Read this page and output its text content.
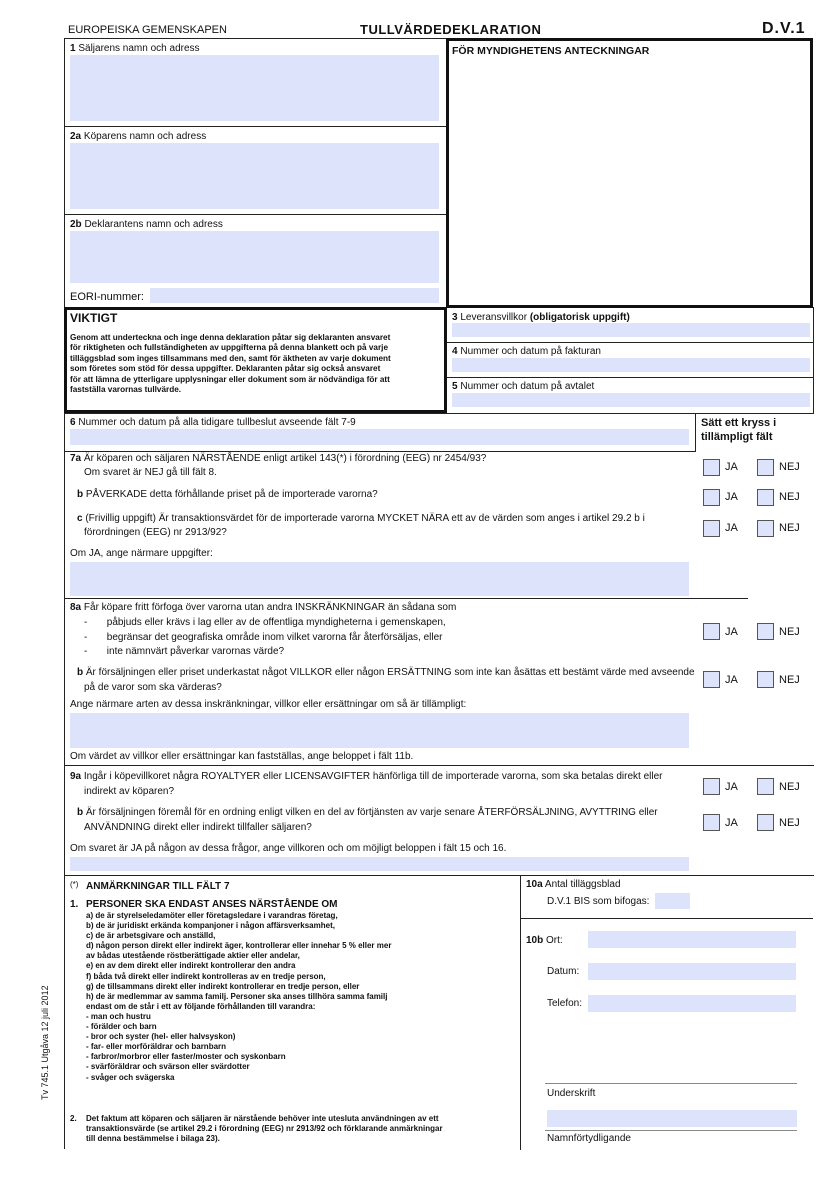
EUROPEISKA GEMENSKAPEN	TULLVÄRDEDEKLARATION	D.V.1
1 Säljarens namn och adress
2a Köparens namn och adress
2b Deklarantens namn och adress
EORI-nummer:
FÖR MYNDIGHETENS ANTECKNINGAR
VIKTIGT
Genom att underteckna och inge denna deklaration påtar sig deklaranten ansvaret
för riktigheten och fullständigheten av uppgifterna på denna blankett och på varje
tilläggsblad som inges tillsammans med den, samt för äktheten av varje dokument
som företes som stöd för dessa uppgifter. Deklaranten påtar sig också ansvaret
för att lämna de ytterligare upplysningar eller dokument som är nödvändiga för att
fastställa varornas tullvärde.
3 Leveransvillkor (obligatorisk uppgift)
4 Nummer och datum på fakturan
5 Nummer och datum på avtalet
6 Nummer och datum på alla tidigare tullbeslut avseende fält 7-9	Sätt ett kryss i
tillämpligt fält
7a Är köparen och säljaren NÄRSTÅENDE enligt artikel 143(*) i förordning (EEG) nr 2454/93?
Om svaret är NEJ gå till fält 8.	JA	NEJ
b PÅVERKADE detta förhållande priset på de importerade varorna?	JA	NEJ
c (Frivillig uppgift) Är transaktionsvärdet för de importerade varorna MYCKET NÄRA ett av de värden som anges i artikel 29.2 b i
förordningen (EEG) nr 2913/92?	JA	NEJ
Om JA, ange närmare uppgifter:
8a Får köpare fritt förfoga över varorna utan andra INSKRÄNKNINGAR än sådana som
-       påbjuds eller krävs i lag eller av de offentliga myndigheterna i gemenskapen,
-       begränsar det geografiska område inom vilket varorna får återförsäljas, eller
-       inte nämnvärt påverkar varornas värde?
JA	NEJ
b Är försäljningen eller priset underkastat något VILLKOR eller någon ERSÄTTNING som inte kan åsättas ett bestämt värde med avseende
på de varor som ska värderas?
JA	NEJ
Ange närmare arten av dessa inskränkningar, villkor eller ersättningar om så är tillämpligt:
Om värdet av villkor eller ersättningar kan fastställas, ange beloppet i fält 11b.
9a Ingår i köpevillkoret några ROYALTYER eller LICENSAVGIFTER hänförliga till de importerade varorna, som ska betalas direkt eller
indirekt av köparen?	JA	NEJ
b Är försäljningen föremål för en ordning enligt vilken en del av förtjänsten av varje senare ÅTERFÖRSÄLJNING, AVYTTRING eller
ANVÄNDNING direkt eller indirekt tillfaller säljaren?	JA	NEJ
Om svaret är JA på någon av dessa frågor, ange villkoren och om möjligt beloppen i fält 15 och 16.
(*) ANMÄRKNINGAR TILL FÄLT 7
1. PERSONER SKA ENDAST ANSES NÄRSTÅENDE OM
a) de är styrelseledamöter eller företagsledare i varandras företag,
b) de är juridiskt erkända kompanjoner i någon affärsverksamhet,
c) de är arbetsgivare och anställd,
d) någon person direkt eller indirekt äger, kontrollerar eller innehar 5 % eller mer
av bådas utestående röstberättigade aktier eller andelar,
e) en av dem direkt eller indirekt kontrollerar den andra
f) båda två direkt eller indirekt kontrolleras av en tredje person,
g) de tillsammans direkt eller indirekt kontrollerar en tredje person, eller
h) de är medlemmar av samma familj. Personer ska anses tillhöra samma familj
endast om de står i ett av följande förhållanden till varandra:
- man och hustru
- förälder och barn
- bror och syster (hel- eller halvsyskon)
- far- eller morföräldrar och barnbarn
- farbror/morbror eller faster/moster och syskonbarn
- svärföräldrar och svärson eller svärdotter
- svåger och svägerska
2. Det faktum att köparen och säljaren är närstående behöver inte utesluta användningen av ett
transaktionsvärde (se artikel 29.2 i förordning (EEG) nr 2913/92 och förklarande anmärkningar
till denna bestämmelse i bilaga 23).
10a Antal tilläggsblad
D.V.1 BIS som bifogas:
10b Ort:
Datum:
Telefon:
Underskrift
Namnförtydligande
Tv 745.1 Utgåva 12 juli 2012
